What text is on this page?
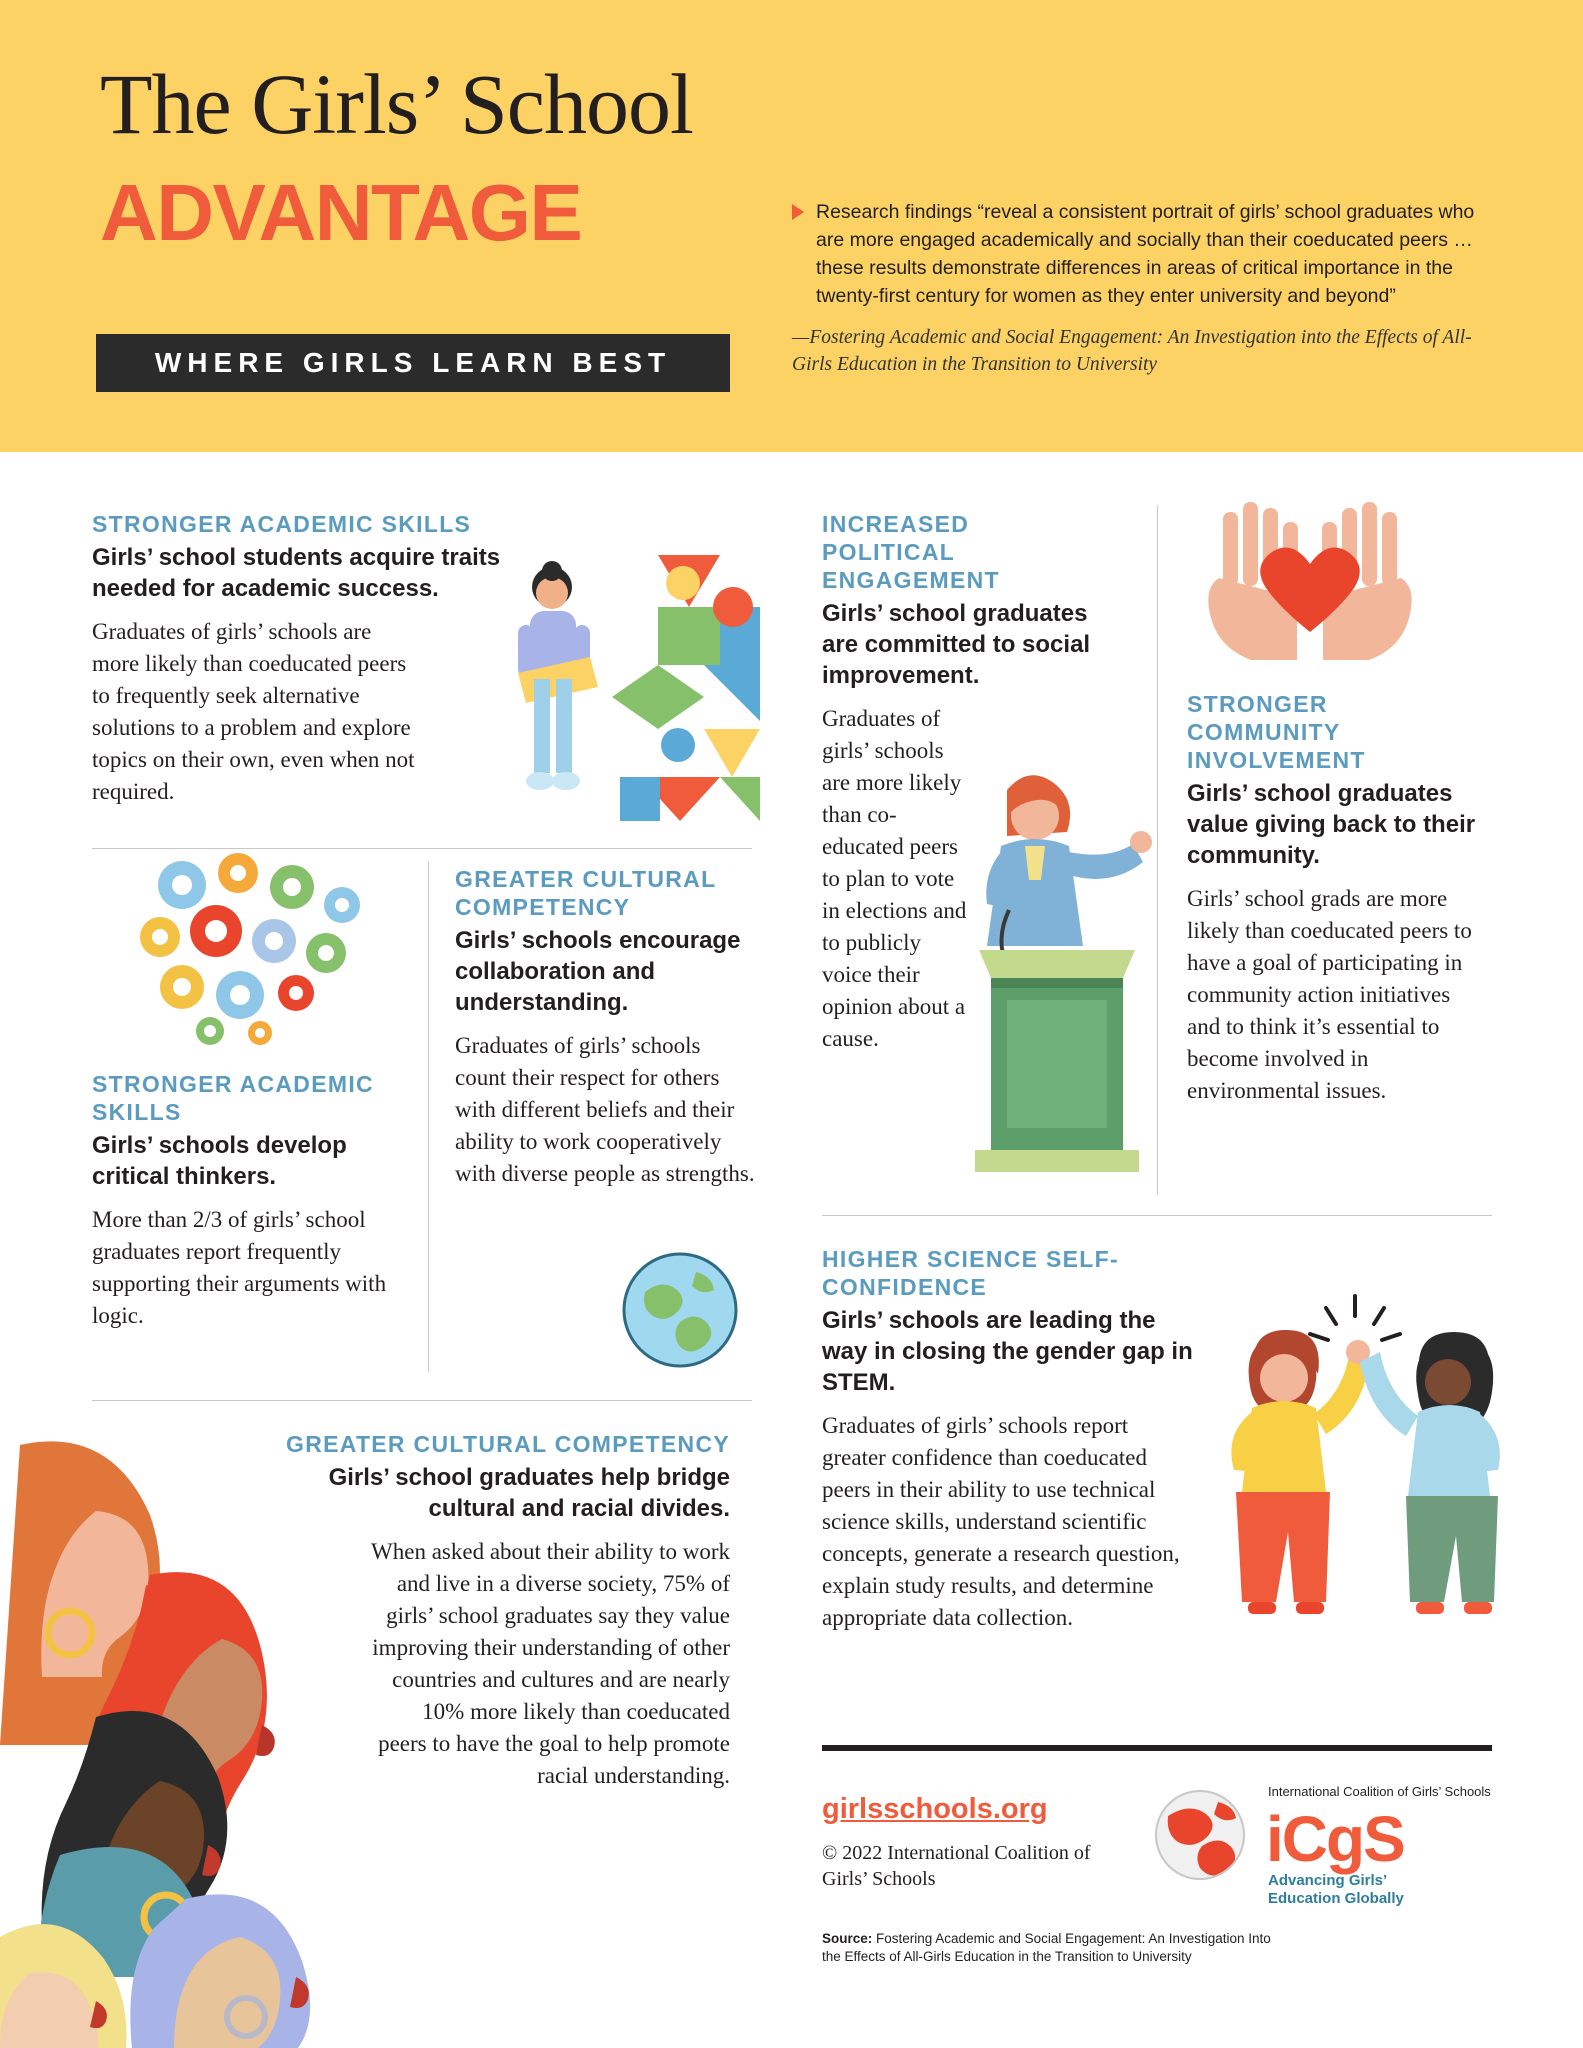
The Girls’ School
ADVANTAGE
WHERE GIRLS LEARN BEST
Research findings “reveal a consistent portrait of girls’ school graduates who are more engaged academically and socially than their coeducated peers … these results demonstrate differences in areas of critical importance in the twenty-first century for women as they enter university and beyond”
—Fostering Academic and Social Engagement: An Investigation into the Effects of All-Girls Education in the Transition to University
STRONGER ACADEMIC SKILLS
Girls’ school students acquire traits needed for academic success.
Graduates of girls’ schools are more likely than coeducated peers to frequently seek alternative solutions to a problem and explore topics on their own, even when not required.
STRONGER ACADEMIC SKILLS
Girls’ schools develop critical thinkers.
More than 2/3 of girls’ school graduates report frequently supporting their arguments with logic.
GREATER CULTURAL COMPETENCY
Girls’ schools encourage collaboration and understanding.
Graduates of girls’ schools count their respect for others with different beliefs and their ability to work cooperatively with diverse people as strengths.
GREATER CULTURAL COMPETENCY
Girls’ school graduates help bridge cultural and racial divides.
When asked about their ability to work and live in a diverse society, 75% of girls’ school graduates say they value improving their understanding of other countries and cultures and are nearly 10% more likely than coeducated peers to have the goal to help promote racial understanding.
INCREASED POLITICAL ENGAGEMENT
Girls’ school graduates are committed to social improvement.
Graduates of girls’ schools are more likely than co-educated peers to plan to vote in elections and to publicly voice their opinion about a cause.
STRONGER COMMUNITY INVOLVEMENT
Girls’ school graduates value giving back to their community.
Girls’ school grads are more likely than coeducated peers to have a goal of participating in community action initiatives and to think it’s essential to become involved in environmental issues.
HIGHER SCIENCE SELF-CONFIDENCE
Girls’ schools are leading the way in closing the gender gap in STEM.
Graduates of girls’ schools report greater confidence than coeducated peers in their ability to use technical science skills, understand scientific concepts, generate a research question, explain study results, and determine appropriate data collection.
girlsschools.org
© 2022 International Coalition of Girls’ Schools
Source: Fostering Academic and Social Engagement: An Investigation Into the Effects of All-Girls Education in the Transition to University
International Coalition of Girls’ Schools
iCgS
Advancing Girls’
Education Globally
